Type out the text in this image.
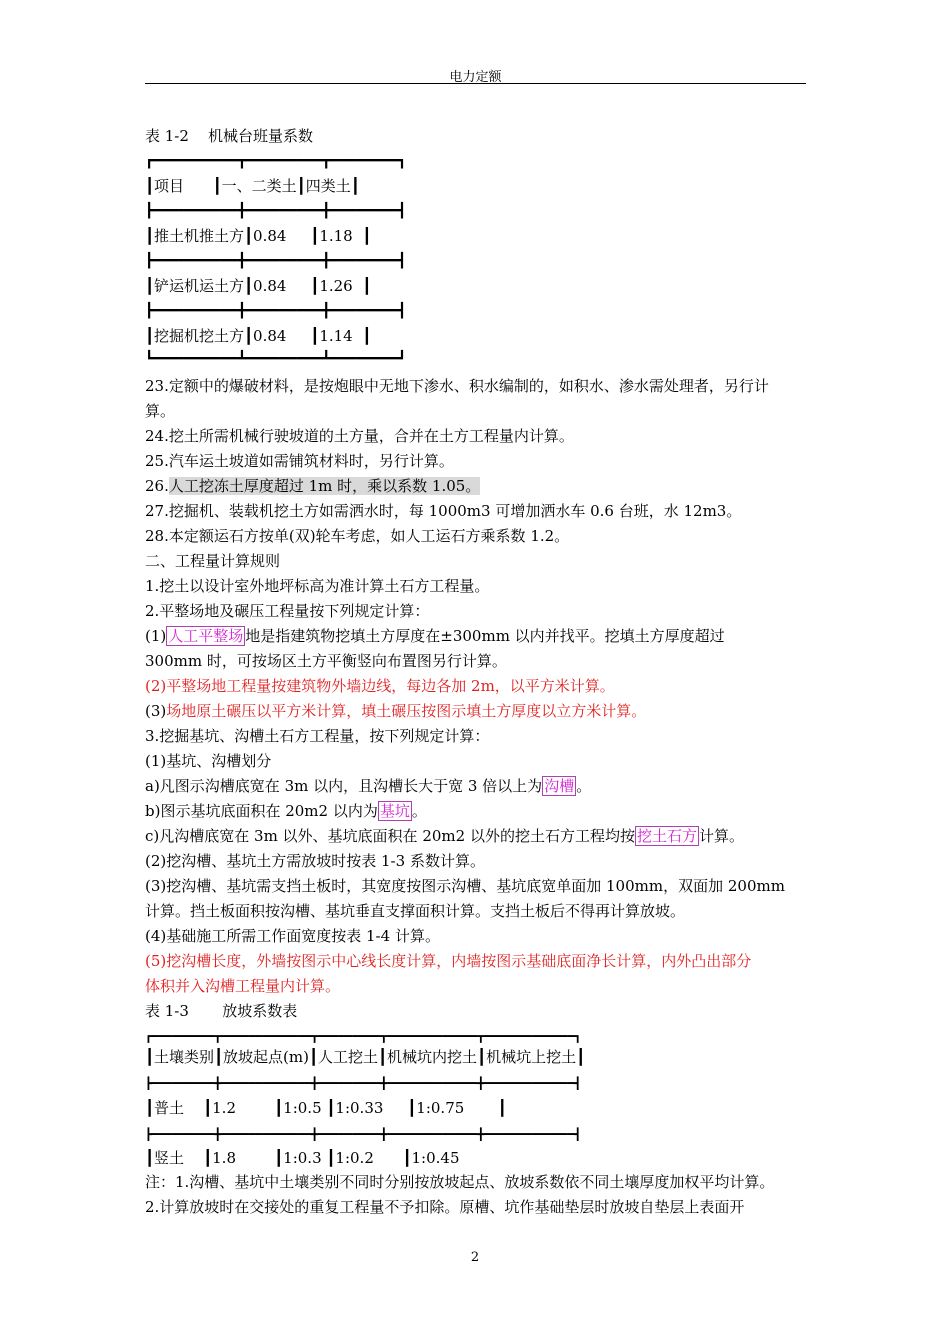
电力定额
表 1-2    机械台班量系数
┏━━━━━━━━━━┳━━━━━━━━━┳━━━━━━━━┓
┃项目      ┃一、二类土┃四类土┃
┣━━━━━━━━━━╋━━━━━━━━━╋━━━━━━━━┫
┃推土机推土方┃0.84     ┃1.18  ┃
┣━━━━━━━━━━╋━━━━━━━━━╋━━━━━━━━┫
┃铲运机运土方┃0.84     ┃1.26  ┃
┣━━━━━━━━━━╋━━━━━━━━━╋━━━━━━━━┫
┃挖掘机挖土方┃0.84     ┃1.14  ┃
┗━━━━━━━━━━┻━━━━━━━━━┻━━━━━━━━┛
23.定额中的爆破材料，是按炮眼中无地下渗水、积水编制的，如积水、渗水需处理者，另行计
算。
24.挖土所需机械行驶坡道的土方量，合并在土方工程量内计算。
25.汽车运土坡道如需铺筑材料时，另行计算。
26.人工挖冻土厚度超过 1m 时，乘以系数 1.05。
27.挖掘机、装载机挖土方如需洒水时，每 1000m3 可增加洒水车 0.6 台班，水 12m3。
28.本定额运石方按单(双)轮车考虑，如人工运石方乘系数 1.2。
二、工程量计算规则
1.挖土以设计室外地坪标高为准计算土石方工程量。
2.平整场地及碾压工程量按下列规定计算：
(1) 人工平整场 地是指建筑物挖填土方厚度在±300mm 以内并找平。挖填土方厚度超过
300mm 时，可按场区土方平衡竖向布置图另行计算。
(2)平整场地工程量按建筑物外墙边线，每边各加 2m，以平方米计算。
(3)场地原土碾压以平方米计算，填土碾压按图示填土方厚度以立方米计算。
3.挖掘基坑、沟槽土石方工程量，按下列规定计算：
(1)基坑、沟槽划分
a)凡图示沟槽底宽在 3m 以内，且沟槽长大于宽 3 倍以上为 沟槽 。
b)图示基坑底面积在 20m2 以内为 基坑 。
c)凡沟槽底宽在 3m 以外、基坑底面积在 20m2 以外的挖土石方工程均按 挖土石方 计算。
(2)挖沟槽、基坑土方需放坡时按表 1-3 系数计算。
(3)挖沟槽、基坑需支挡土板时，其宽度按图示沟槽、基坑底宽单面加 100mm，双面加 200mm
计算。挡土板面积按沟槽、基坑垂直支撑面积计算。支挡土板后不得再计算放坡。
(4)基础施工所需工作面宽度按表 1-4 计算。
(5)挖沟槽长度，外墙按图示中心线长度计算，内墙按图示基础底面净长计算，内外凸出部分
体积并入沟槽工程量内计算。
表 1-3       放坡系数表
┏━━━━━━━━━┳━━━━━━━━━━━━━┳━━━━━━━━━┳━━━━━━━━━━━━━┳━━━━━━━━━━━━━┓
┃土壤类别┃放坡起点(m)┃人工挖土┃机械坑内挖土┃机械坑上挖土┃
┣━━━━━━━━━╋━━━━━━━━━━━━━╋━━━━━━━━━╋━━━━━━━━━━━━━╋━━━━━━━━━━━━━┫
┃普土    ┃1.2        ┃1:0.5 ┃1:0.33     ┃1:0.75       ┃
┣━━━━━━━━━╋━━━━━━━━━━━━━╋━━━━━━━━━╋━━━━━━━━━━━━━╋━━━━━━━━━━━━━┫
┃竖土    ┃1.8        ┃1:0.3 ┃1:0.2      ┃1:0.45
注：1.沟槽、基坑中土壤类别不同时分别按放坡起点、放坡系数依不同土壤厚度加权平均计算。
2.计算放坡时在交接处的重复工程量不予扣除。原槽、坑作基础垫层时放坡自垫层上表面开
2
